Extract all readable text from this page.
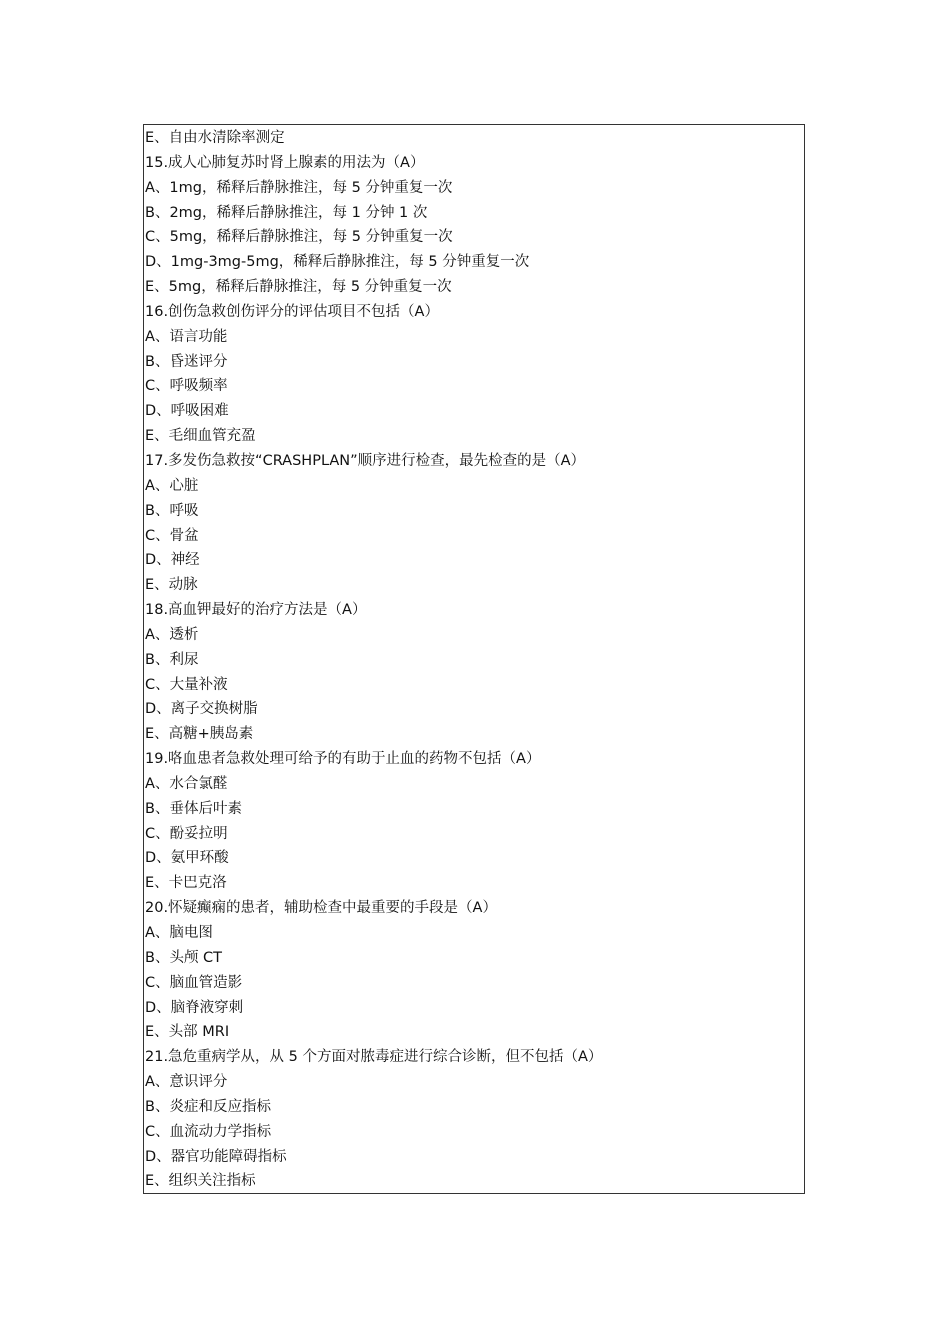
E、自由水清除率测定
15.成人心肺复苏时肾上腺素的用法为（A）
A、1mg，稀释后静脉推注，每 5 分钟重复一次
B、2mg，稀释后静脉推注，每 1 分钟 1 次
C、5mg，稀释后静脉推注，每 5 分钟重复一次
D、1mg-3mg-5mg，稀释后静脉推注，每 5 分钟重复一次
E、5mg，稀释后静脉推注，每 5 分钟重复一次
16.创伤急救创伤评分的评估项目不包括（A）
A、语言功能
B、昏迷评分
C、呼吸频率
D、呼吸困难
E、毛细血管充盈
17.多发伤急救按“CRASHPLAN”顺序进行检查，最先检查的是（A）
A、心脏
B、呼吸
C、骨盆
D、神经
E、动脉
18.高血钾最好的治疗方法是（A）
A、透析
B、利尿
C、大量补液
D、离子交换树脂
E、高糖+胰岛素
19.咯血患者急救处理可给予的有助于止血的药物不包括（A）
A、水合氯醛
B、垂体后叶素
C、酚妥拉明
D、氨甲环酸
E、卡巴克洛
20.怀疑癫痫的患者，辅助检查中最重要的手段是（A）
A、脑电图
B、头颅 CT
C、脑血管造影
D、脑脊液穿刺
E、头部 MRI
21.急危重病学从，从 5 个方面对脓毒症进行综合诊断，但不包括（A）
A、意识评分
B、炎症和反应指标
C、血流动力学指标
D、器官功能障碍指标
E、组织关注指标
